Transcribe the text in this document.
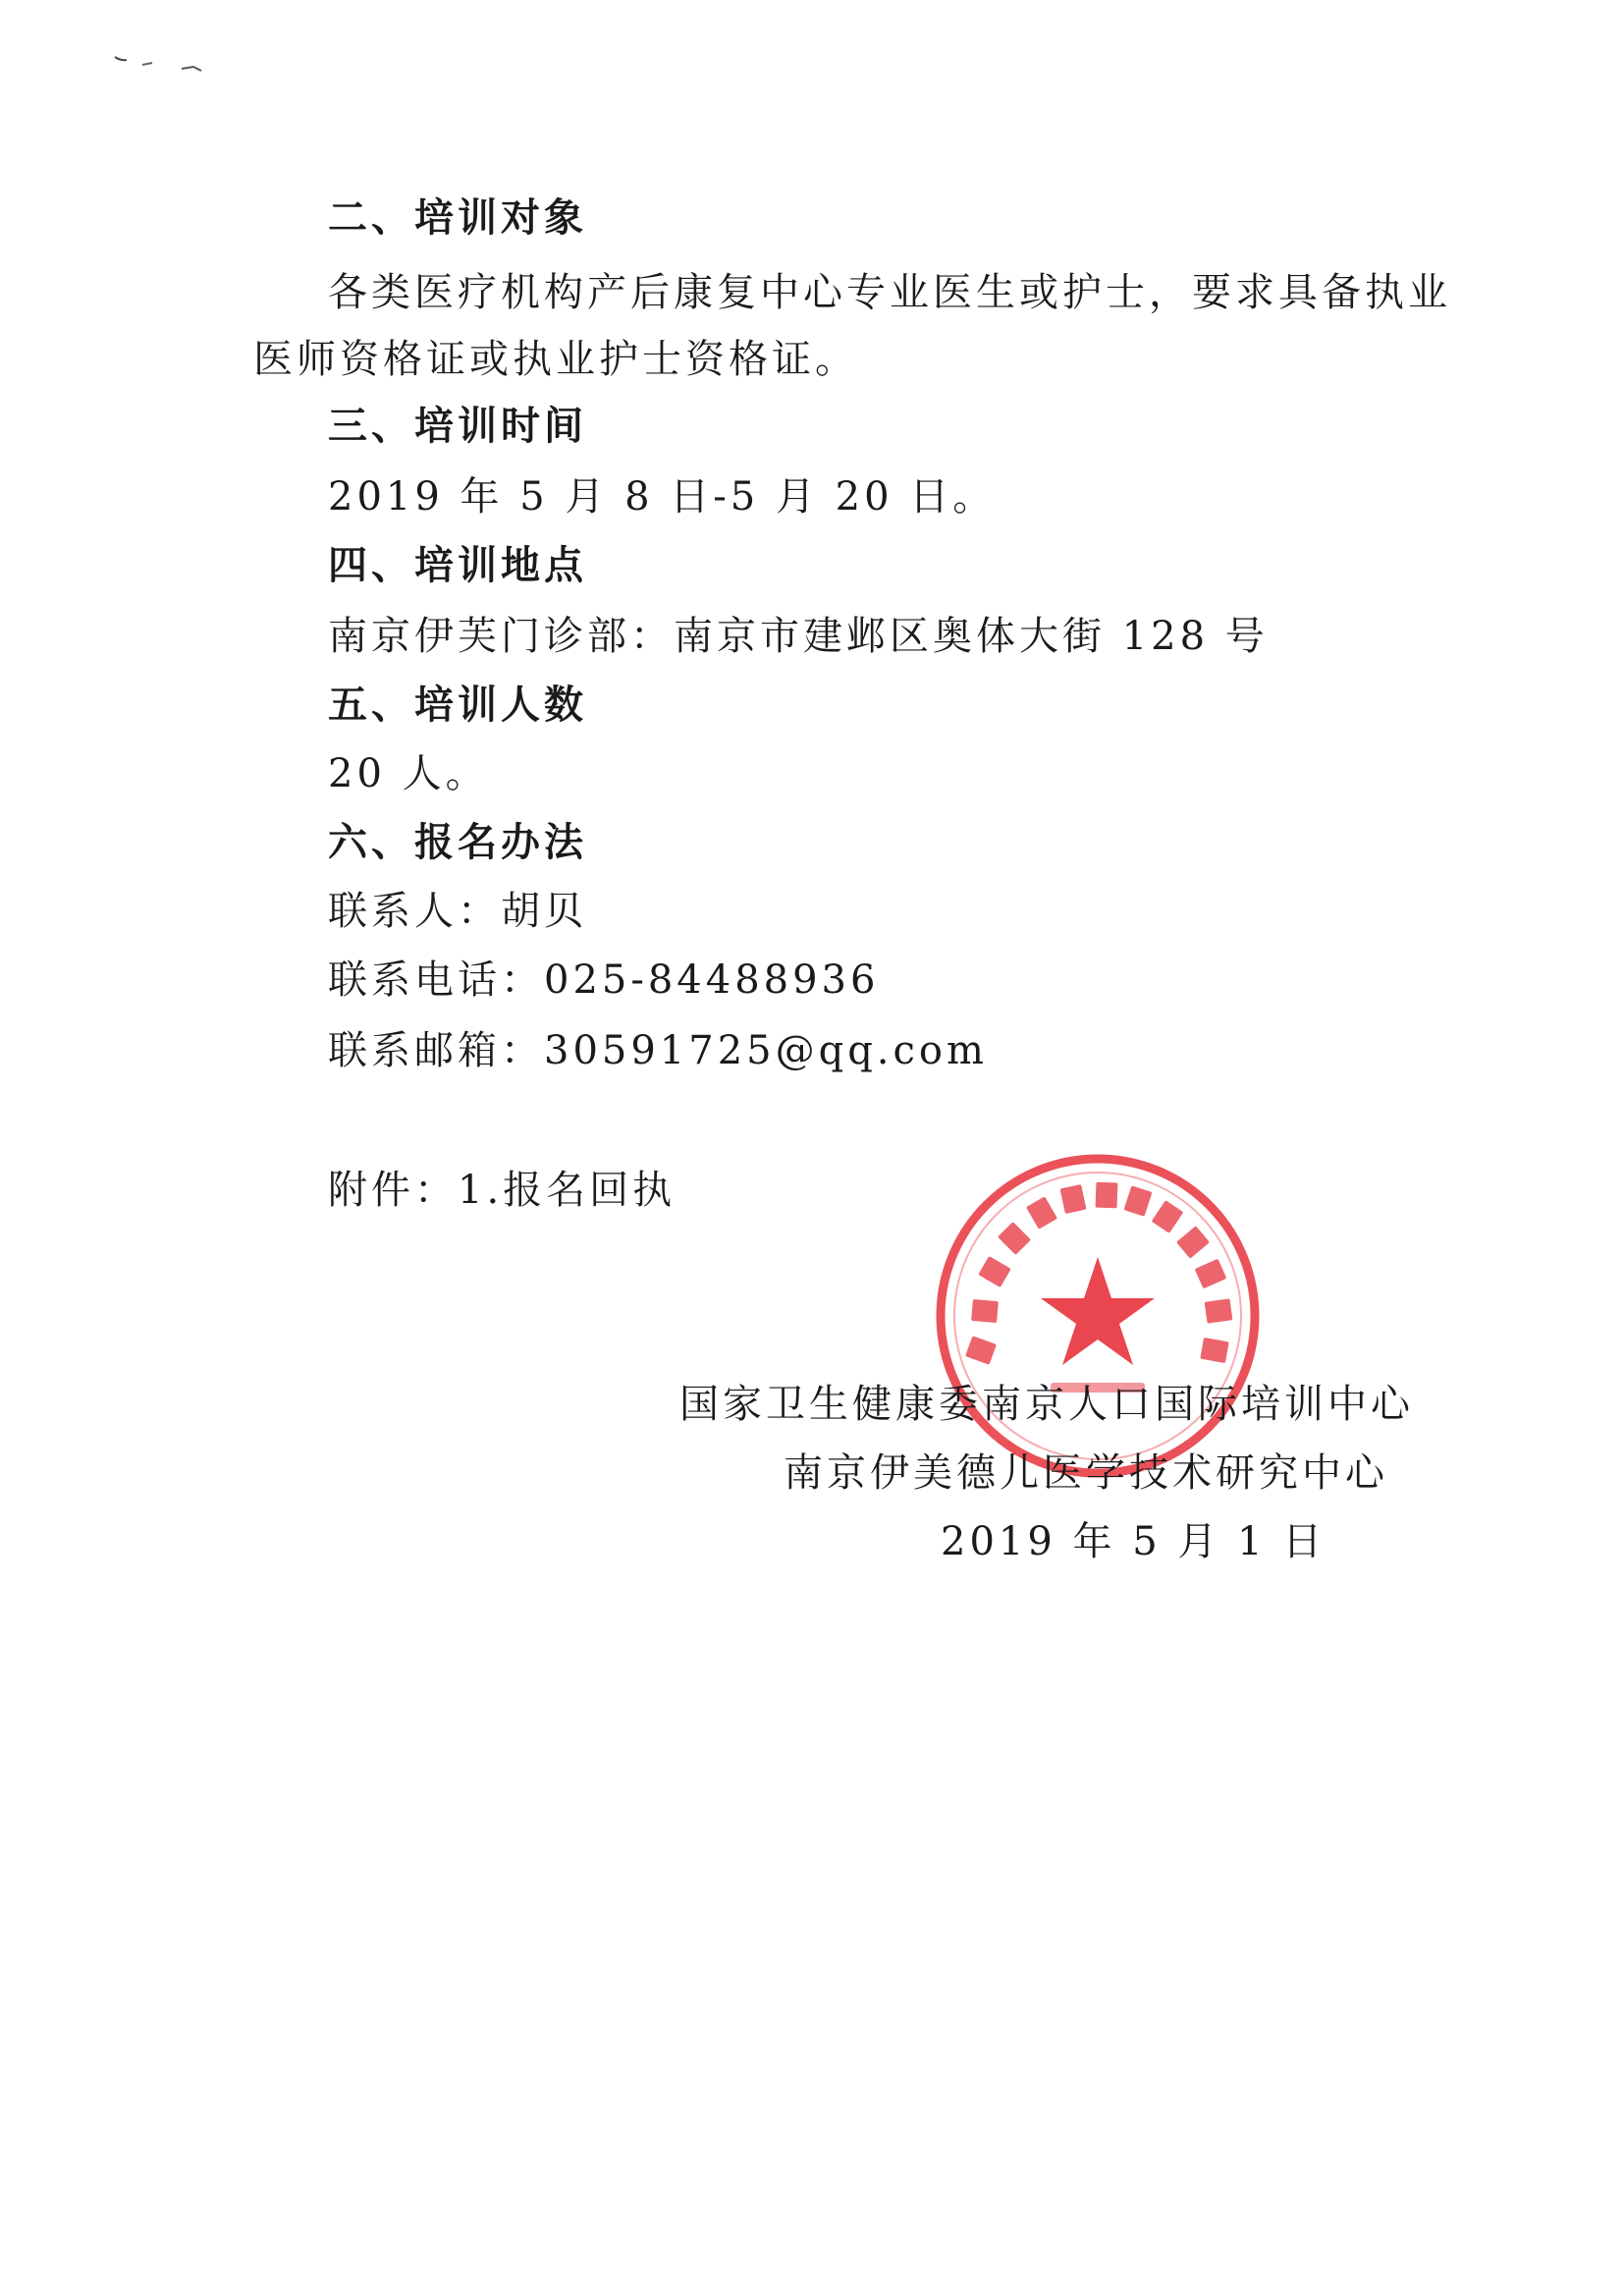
二、培训对象
各类医疗机构产后康复中心专业医生或护士，要求具备执业
医师资格证或执业护士资格证。
三、培训时间
2019 年 5 月 8 日-5 月 20 日。
四、培训地点
南京伊芙门诊部：南京市建邺区奥体大街 128 号
五、培训人数
20 人。
六、报名办法
联系人：胡贝
联系电话：025-84488936
联系邮箱：30591725@qq.com
附件：1.报名回执
国家卫生健康委南京人口国际培训中心
南京伊美德儿医学技术研究中心
2019 年 5 月 1 日
